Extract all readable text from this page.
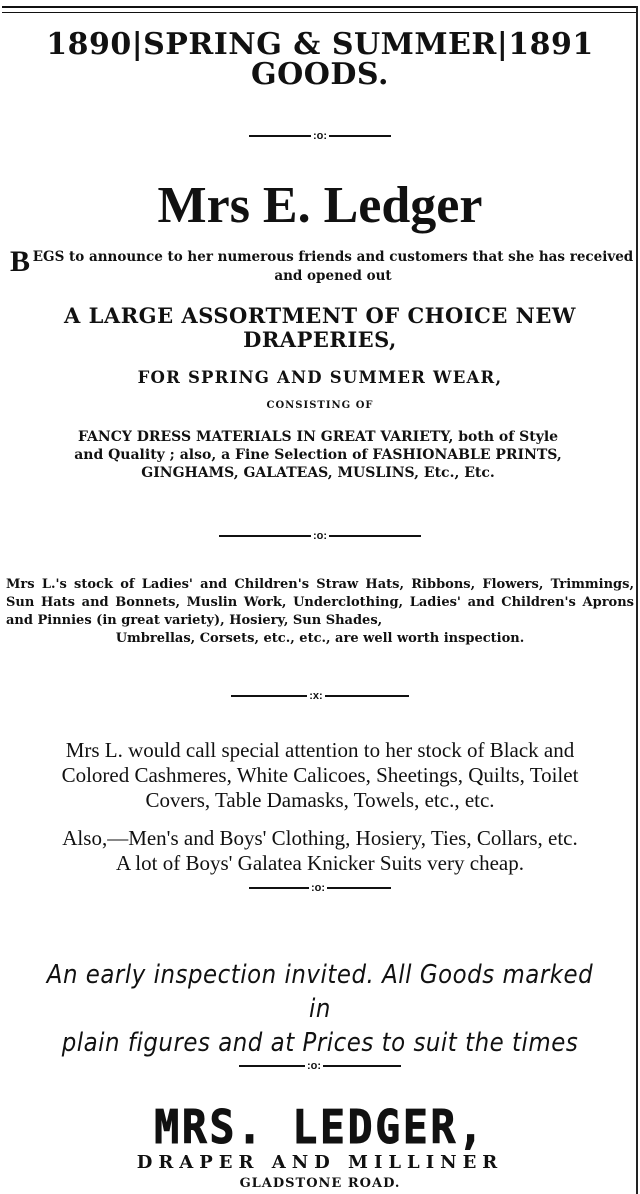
1890|SPRING & SUMMER|1891
GOODS.
:o:
Mrs E. Ledger
B EGS to announce to her numerous friends and customers that she has received and opened out
A LARGE ASSORTMENT OF CHOICE NEW
DRAPERIES,
FOR SPRING AND SUMMER WEAR,
CONSISTING OF
FANCY DRESS MATERIALS IN GREAT VARIETY, both of Style
and Quality ; also, a Fine Selection of FASHIONABLE PRINTS,
GINGHAMS, GALATEAS, MUSLINS, Etc., Etc.
:o:
Mrs L.'s stock of Ladies' and Children's Straw Hats, Ribbons, Flowers, Trimmings, Sun Hats and Bonnets, Muslin Work, Underclothing, Ladies' and Children's Aprons and Pinnies (in great variety), Hosiery, Sun Shades,
Umbrellas, Corsets, etc., etc., are well worth inspection.
:x:
Mrs L. would call special attention to her stock of Black and
Colored Cashmeres, White Calicoes, Sheetings, Quilts, Toilet
Covers, Table Damasks, Towels, etc., etc.
Also,—Men's and Boys' Clothing, Hosiery, Ties, Collars, etc.
A lot of Boys' Galatea Knicker Suits very cheap.
:o:
An early inspection invited. All Goods marked in
plain figures and at Prices to suit the times
:o:
MRS. LEDGER,
DRAPER AND MILLINER
GLADSTONE ROAD.
